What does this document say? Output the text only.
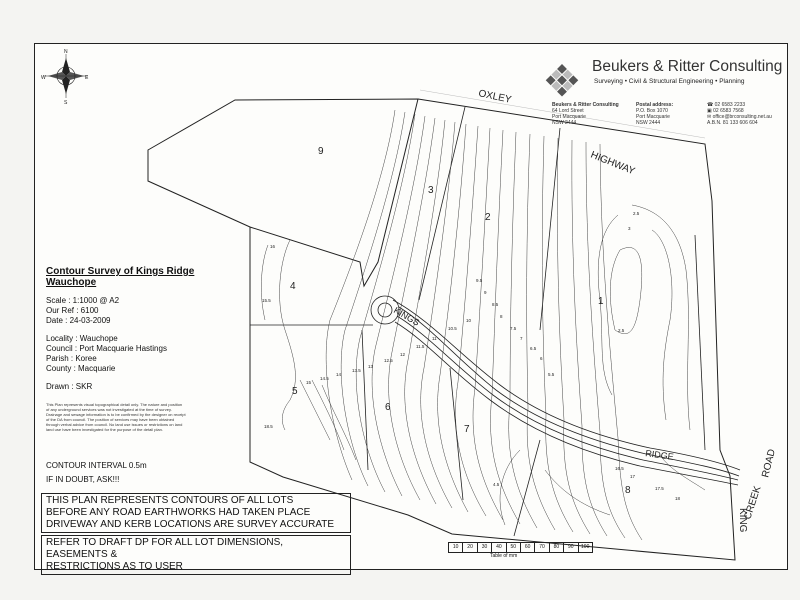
9
3
2
1
4
5
6
7
8
OXLEY
HIGHWAY
KINGS
RIDGE
KING
CREEK
ROAD
2.5
3
2.5
4.5
5.5
6
6.5
7
7.5
8
8.5
9
9.5
10
10.5
11
11.5
12
12.5
13
13.5
14
14.5
15
15.5
16
16.5
17
17.5
18
18.5
N
S
E
W
Contour Survey of Kings Ridge
Wauchope
Scale : 1:1000 @ A2
Our Ref : 6100
Date : 24-03-2009
Locality : Wauchope
Council : Port Macquarie Hastings
Parish : Koree
County : Macquarie
Drawn : SKR
This Plan represents visual topographical detail only. The nature and position of any underground services was not investigated at the time of survey. Drainage and sewage information is to be confirmed by the designer on receipt of the DA from council. The position of services may have been obtained through verbal advice from council. No land use issues or restrictions on land land use have been investigated for the purpose of the detail plan.
CONTOUR INTERVAL 0.5m
IF IN DOUBT, ASK!!!
THIS PLAN REPRESENTS CONTOURS OF ALL LOTS
BEFORE ANY ROAD EARTHWORKS HAD TAKEN PLACE
DRIVEWAY AND KERB LOCATIONS ARE SURVEY ACCURATE
REFER TO DRAFT DP FOR ALL LOT DIMENSIONS, EASEMENTS &
RESTRICTIONS AS TO USER
Beukers & Ritter Consulting
Surveying • Civil & Structural Engineering • Planning
Beukers & Ritter Consulting
64 Lord Street
Port Macquarie
NSW 2444
Postal address:
P.O. Box 1070
Port Macquarie
NSW 2444
☎ 02 6583 2233
▣ 02 6583 7568
✉ office@brconsulting.net.au
A.B.N. 81 133 606 604
10	20	30	40	50	60	70	80	90	100
Table of mm
